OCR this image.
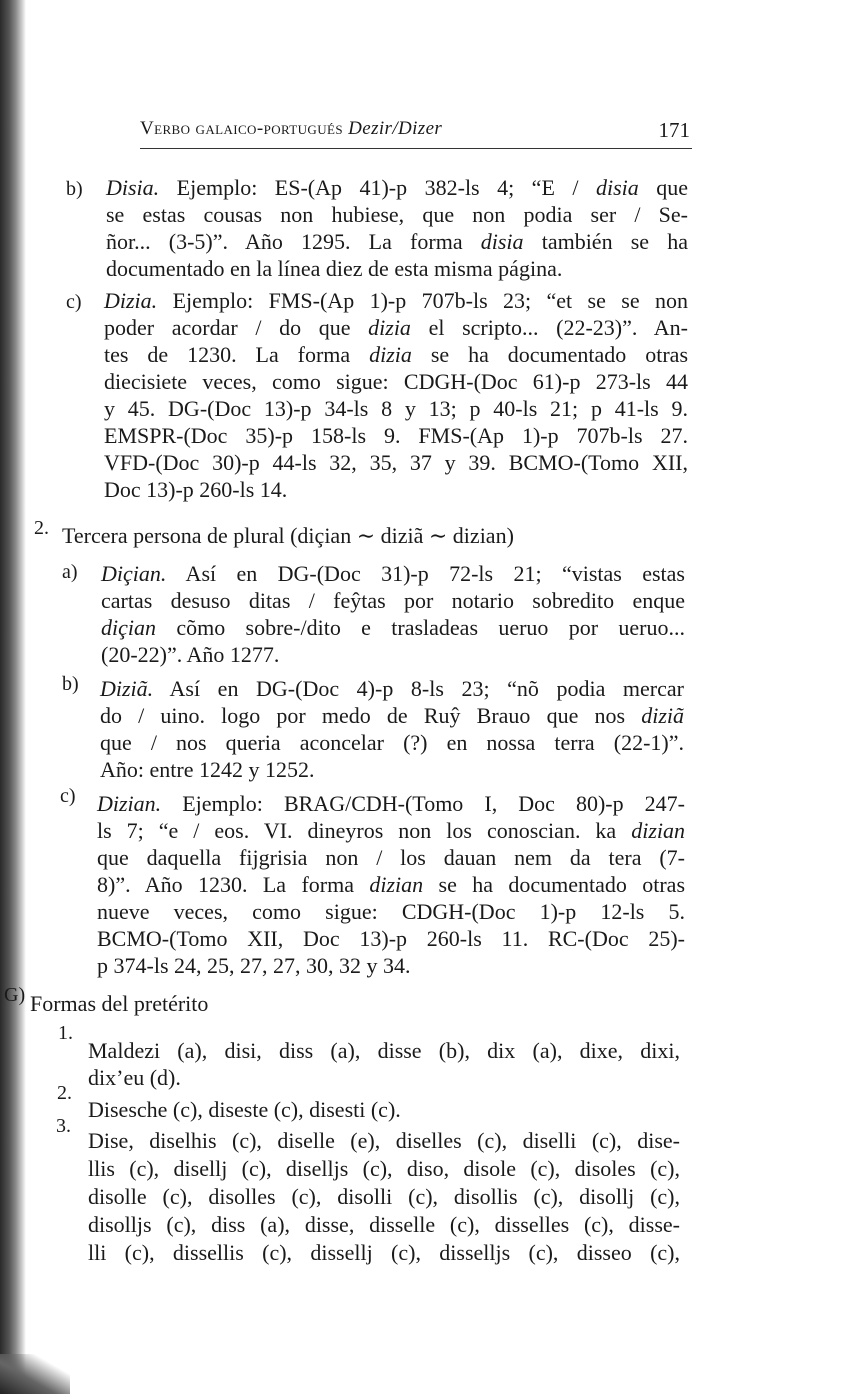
Verbo galaico-portugués Dezir/Dizer	171
b) Disia. Ejemplo: ES-(Ap 41)-p 382-ls 4; “E / disia que
se estas cousas non hubiese, que non podia ser / Se-
ñor... (3-5)”. Año 1295. La forma disia también se ha
documentado en la línea diez de esta misma página.
c) Dizia. Ejemplo: FMS-(Ap 1)-p 707b-ls 23; “et se se non
poder acordar / do que dizia el scripto... (22-23)”. An-
tes de 1230. La forma dizia se ha documentado otras
diecisiete veces, como sigue: CDGH-(Doc 61)-p 273-ls 44
y 45. DG-(Doc 13)-p 34-ls 8 y 13; p 40-ls 21; p 41-ls 9.
EMSPR-(Doc 35)-p 158-ls 9. FMS-(Ap 1)-p 707b-ls 27.
VFD-(Doc 30)-p 44-ls 32, 35, 37 y 39. BCMO-(Tomo XII,
Doc 13)-p 260-ls 14.
2. Tercera persona de plural (diçian ∼ diziã ∼ dizian)
a) Diçian. Así en DG-(Doc 31)-p 72-ls 21; “vistas estas
cartas desuso ditas / feŷtas por notario sobredito enque
diçian cõmo sobre-/dito e trasladeas ueruo por ueruo...
(20-22)”. Año 1277.
b) Diziã. Así en DG-(Doc 4)-p 8-ls 23; “nõ podia mercar
do / uino. logo por medo de Ruŷ Brauo que nos diziã
que / nos queria aconcelar (?) en nossa terra (22-1)”.
Año: entre 1242 y 1252.
c) Dizian. Ejemplo: BRAG/CDH-(Tomo I, Doc 80)-p 247-
ls 7; “e / eos. VI. dineyros non los conoscian. ka dizian
que daquella fijgrisia non / los dauan nem da tera (7-
8)”. Año 1230. La forma dizian se ha documentado otras
nueve veces, como sigue: CDGH-(Doc 1)-p 12-ls 5.
BCMO-(Tomo XII, Doc 13)-p 260-ls 11. RC-(Doc 25)-
p 374-ls 24, 25, 27, 27, 30, 32 y 34.
G) Formas del pretérito
1.
Maldezi (a), disi, diss (a), disse (b), dix (a), dixe, dixi,
dix’eu (d).
2.
Disesche (c), diseste (c), disesti (c).
3.
Dise, diselhis (c), diselle (e), diselles (c), diselli (c), dise-
llis (c), disellj (c), diselljs (c), diso, disole (c), disoles (c),
disolle (c), disolles (c), disolli (c), disollis (c), disollj (c),
disolljs (c), diss (a), disse, disselle (c), disselles (c), disse-
lli (c), dissellis (c), dissellj (c), disselljs (c), disseo (c),
